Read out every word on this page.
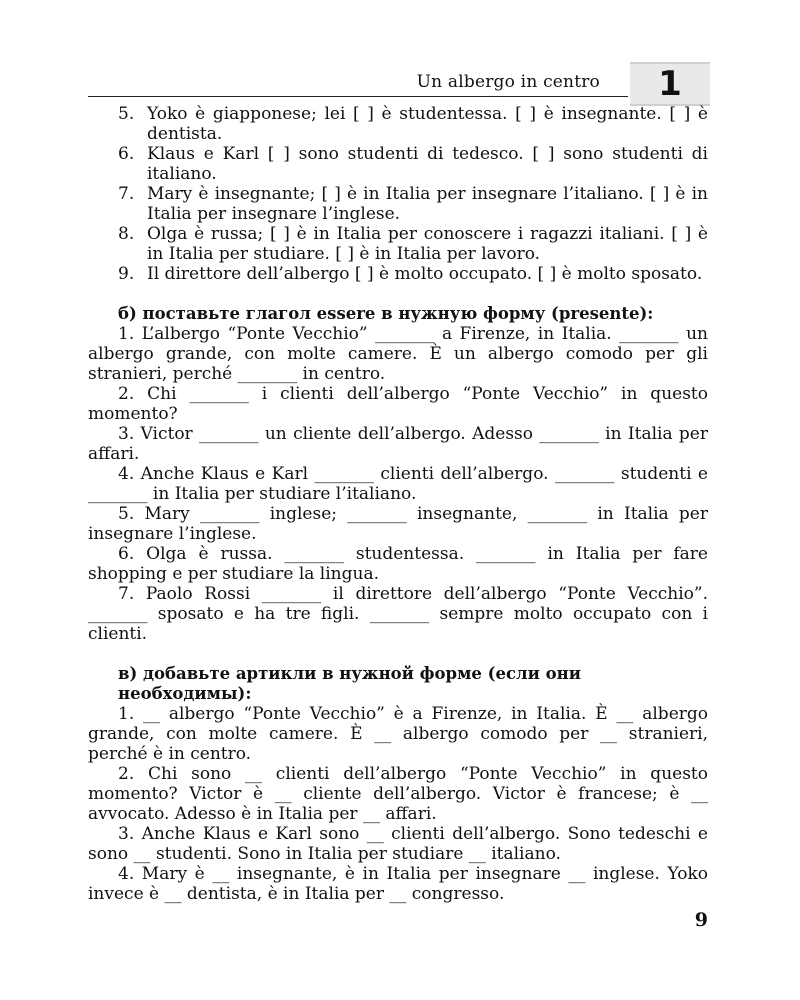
Un albergo in centro	1
5. Yoko è giapponese; lei [ ] è studentessa. [ ] è insegnante. [ ] è dentista.
6. Klaus e Karl [ ] sono studenti di tedesco. [ ] sono studenti di italiano.
7. Mary è insegnante; [ ] è in Italia per insegnare l’italiano. [ ] è in Italia per insegnare l’inglese.
8. Olga è russa; [ ] è in Italia per conoscere i ragazzi italiani. [ ] è in Italia per studiare. [ ] è in Italia per lavoro.
9. Il direttore dell’albergo [ ] è molto occupato. [ ] è molto sposato.
б) поставьте глагол essere в нужную форму (presente):

1. L’albergo “Ponte Vecchio” _______ a Firenze, in Italia. _______ un albergo grande, con molte camere. È un albergo comodo per gli stranieri, perché _______ in centro.

2. Chi _______ i clienti dell’albergo “Ponte Vecchio” in questo momento?

3. Victor _______ un cliente dell’albergo. Adesso _______ in Italia per affari.

4. Anche Klaus e Karl _______ clienti dell’albergo. _______ studenti e _______ in Italia per studiare l’italiano.

5. Mary _______ inglese; _______ insegnante, _______ in Italia per insegnare l’inglese.

6. Olga è russa. _______ studentessa. _______ in Italia per fare shopping e per studiare la lingua.

7. Paolo Rossi _______ il direttore dell’albergo “Ponte Vecchio”. _______ sposato e ha tre figli. _______ sempre molto occupato con i clienti.

в) добавьте артикли в нужной форме (если они необходимы):

1. __ albergo “Ponte Vecchio” è a Firenze, in Italia. È __ albergo grande, con molte camere. È __ albergo comodo per __ stranieri, perché è in centro.

2. Chi sono __ clienti dell’albergo “Ponte Vecchio” in questo momento? Victor è __ cliente dell’albergo. Victor è francese; è __ avvocato. Adesso è in Italia per __ affari.

3. Anche Klaus e Karl sono __ clienti dell’albergo. Sono tedeschi e sono __ studenti. Sono in Italia per studiare __ italiano.

4. Mary è __ insegnante, è in Italia per insegnare __ inglese. Yoko invece è __ dentista, è in Italia per __ congresso.

9
